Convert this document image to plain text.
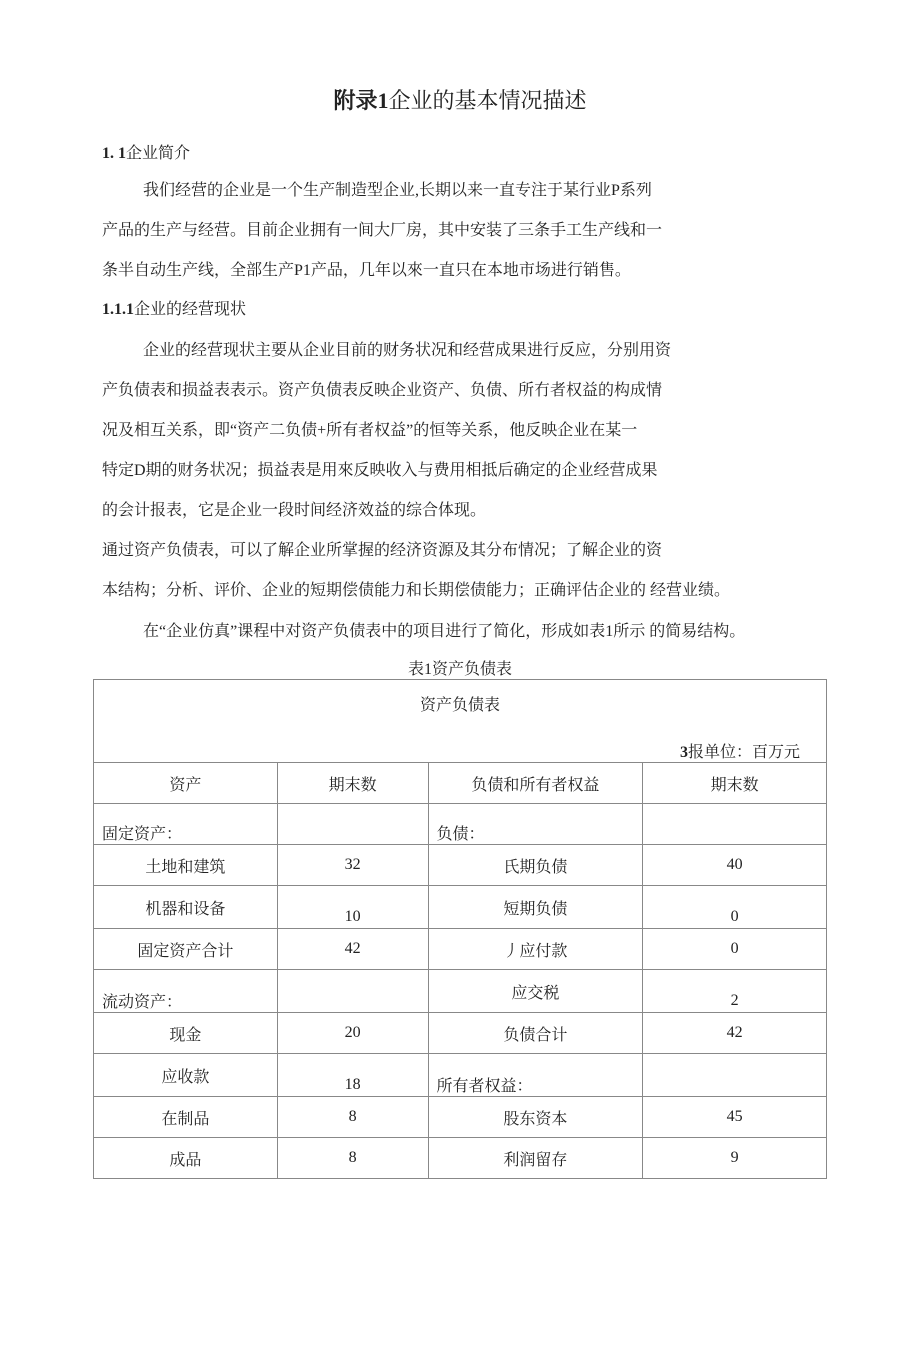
附录1企业的基本情况描述
1. 1企业简介
我们经营的企业是一个生产制造型企业,长期以来一直专注于某行业P系列
产品的生产与经营。目前企业拥有一间大厂房，其中安装了三条手工生产线和一
条半自动生产线，全部生产P1产品，几年以來一直只在本地市场进行销售。
1.1.1企业的经营现状
企业的经营现状主要从企业目前的财务状况和经营成果进行反应，分别用资
产负债表和损益表表示。资产负债表反映企业资产、负债、所冇者权益的构成情
况及相互关系，即“资产二负债+所有者权益”的恒等关系，他反映企业在某一
特定D期的财务状况；损益表是用來反映收入与费用相抵后确定的企业经营成果
的会计报表，它是企业一段时间经济效益的综合体现。
通过资产负债表，可以了解企业所掌握的经济资源及其分布情况；了解企业的资
本结构；分析、评价、企业的短期偿债能力和长期偿债能力；正确评估企业的 经营业绩。
在“企业仿真”课程中对资产负债表中的项目进行了简化，形成如表1所示 的简易结构。
表1资产负债表
资产负债表
3报单位：百万元			

资产	期末数	负债和所有者权益	期末数
固定资产：		负债：	
土地和建筑	32	氏期负债	40
机器和设备	10	短期负债	0
固定资产合计	42	丿应付款	0
流动资产：		应交税	2
现金	20	负债合计	42
应收款	18	所有者权益：	
在制品	8	股东资本	45
成品	8	利润留存	9
